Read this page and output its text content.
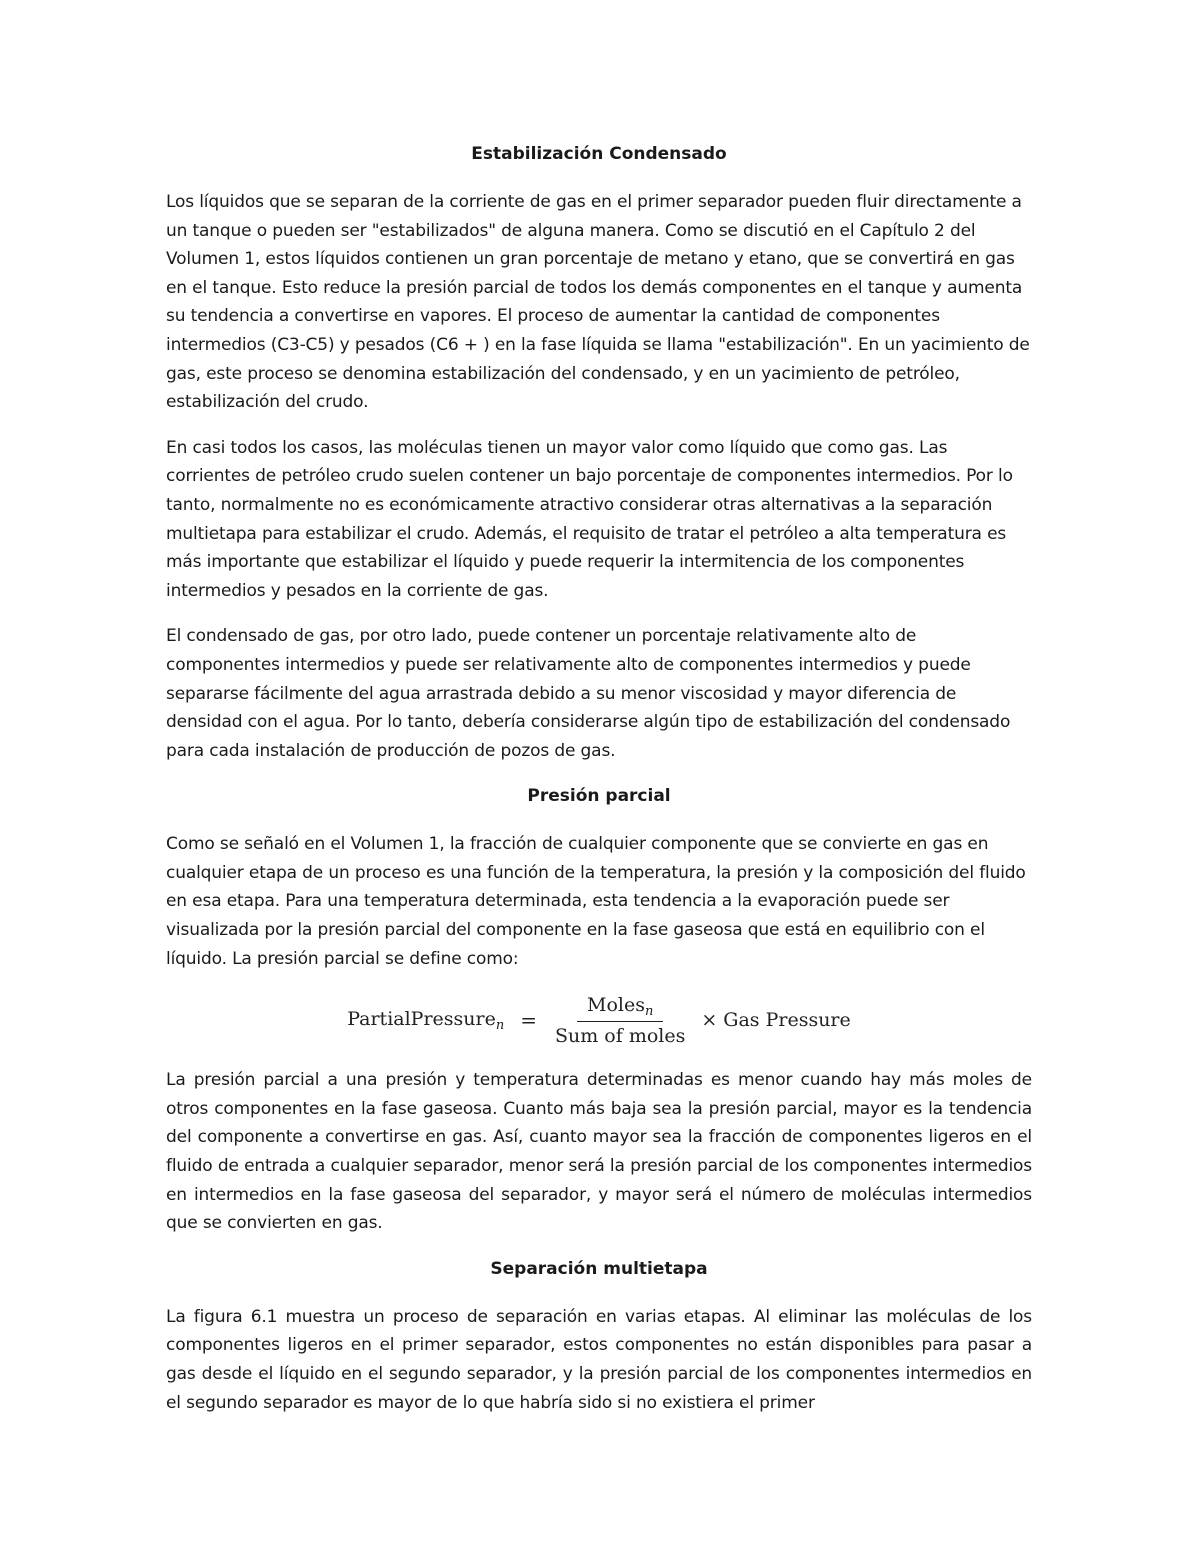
Estabilización Condensado

Los líquidos que se separan de la corriente de gas en el primer separador pueden fluir directamente a un tanque o pueden ser "estabilizados" de alguna manera. Como se discutió en el Capítulo 2 del Volumen 1, estos líquidos contienen un gran porcentaje de metano y etano, que se convertirá en gas en el tanque. Esto reduce la presión parcial de todos los demás componentes en el tanque y aumenta su tendencia a convertirse en vapores. El proceso de aumentar la cantidad de componentes intermedios (C3-C5) y pesados (C6 + ) en la fase líquida se llama "estabilización". En un yacimiento de gas, este proceso se denomina estabilización del condensado, y en un yacimiento de petróleo, estabilización del crudo.

En casi todos los casos, las moléculas tienen un mayor valor como líquido que como gas. Las corrientes de petróleo crudo suelen contener un bajo porcentaje de componentes intermedios. Por lo tanto, normalmente no es económicamente atractivo considerar otras alternativas a la separación multietapa para estabilizar el crudo. Además, el requisito de tratar el petróleo a alta temperatura es más importante que estabilizar el líquido y puede requerir la intermitencia de los componentes intermedios y pesados en la corriente de gas.

El condensado de gas, por otro lado, puede contener un porcentaje relativamente alto de componentes intermedios y puede ser relativamente alto de componentes intermedios y puede separarse fácilmente del agua arrastrada debido a su menor viscosidad y mayor diferencia de densidad con el agua. Por lo tanto, debería considerarse algún tipo de estabilización del condensado para cada instalación de producción de pozos de gas.

Presión parcial

Como se señaló en el Volumen 1, la fracción de cualquier componente que se convierte en gas en cualquier etapa de un proceso es una función de la temperatura, la presión y la composición del fluido en esa etapa. Para una temperatura determinada, esta tendencia a la evaporación puede ser visualizada por la presión parcial del componente en la fase gaseosa que está en equilibrio con el líquido. La presión parcial se define como:

PartialPressure$_n$ = $\frac{Moles_n}{\text{Sum of moles}}$ × Gas Pressure

La presión parcial a una presión y temperatura determinadas es menor cuando hay más moles de otros componentes en la fase gaseosa. Cuanto más baja sea la presión parcial, mayor es la tendencia del componente a convertirse en gas. Así, cuanto mayor sea la fracción de componentes ligeros en el fluido de entrada a cualquier separador, menor será la presión parcial de los componentes intermedios en intermedios en la fase gaseosa del separador, y mayor será el número de moléculas intermedios que se convierten en gas.

Separación multietapa

La figura 6.1 muestra un proceso de separación en varias etapas. Al eliminar las moléculas de los componentes ligeros en el primer separador, estos componentes no están disponibles para pasar a gas desde el líquido en el segundo separador, y la presión parcial de los componentes intermedios en el segundo separador es mayor de lo que habría sido si no existiera el primer
